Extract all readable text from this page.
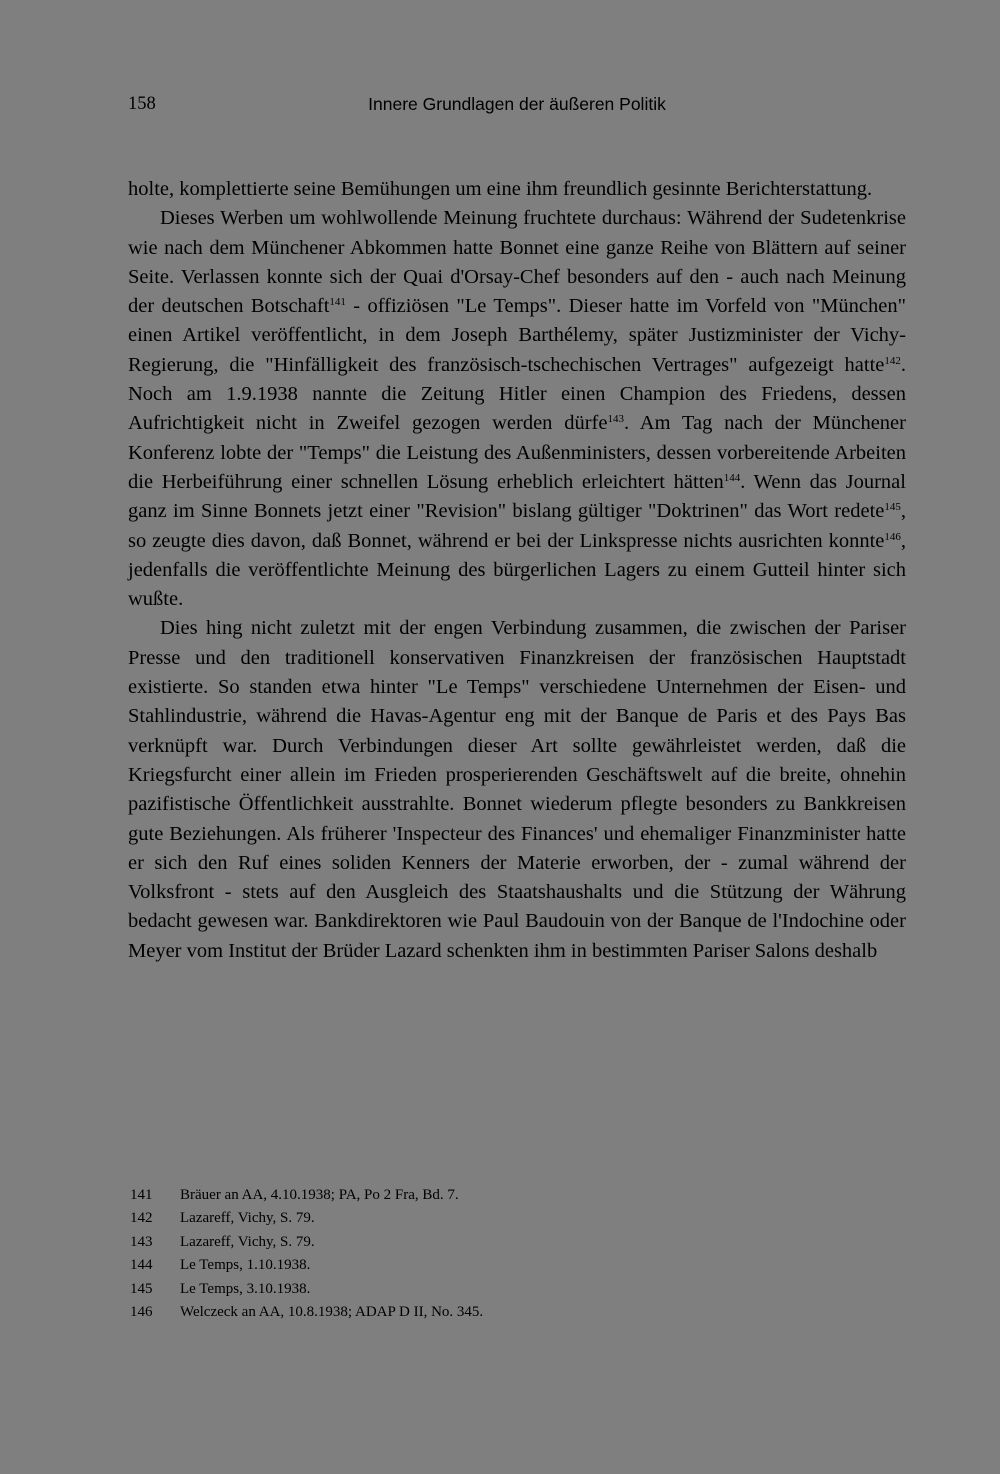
158	Innere Grundlagen der äußeren Politik

holte, komplettierte seine Bemühungen um eine ihm freundlich gesinnte Berichterstattung.

Dieses Werben um wohlwollende Meinung fruchtete durchaus: Während der Sudetenkrise wie nach dem Münchener Abkommen hatte Bonnet eine ganze Reihe von Blättern auf seiner Seite. Verlassen konnte sich der Quai d'Orsay-Chef besonders auf den - auch nach Meinung der deutschen Botschaft$^{141}$ - offiziösen "Le Temps". Dieser hatte im Vorfeld von "München" einen Artikel veröffentlicht, in dem Joseph Barthélemy, später Justizminister der Vichy-Regierung, die "Hinfälligkeit des französisch-tschechischen Vertrages" aufgezeigt hatte$^{142}$. Noch am 1.9.1938 nannte die Zeitung Hitler einen Champion des Friedens, dessen Aufrichtigkeit nicht in Zweifel gezogen werden dürfe$^{143}$. Am Tag nach der Münchener Konferenz lobte der "Temps" die Leistung des Außenministers, dessen vorbereitende Arbeiten die Herbeiführung einer schnellen Lösung erheblich erleichtert hätten$^{144}$. Wenn das Journal ganz im Sinne Bonnets jetzt einer "Revision" bislang gültiger "Doktrinen" das Wort redete$^{145}$, so zeugte dies davon, daß Bonnet, während er bei der Linkspresse nichts ausrichten konnte$^{146}$, jedenfalls die veröffentlichte Meinung des bürgerlichen Lagers zu einem Gutteil hinter sich wußte.

Dies hing nicht zuletzt mit der engen Verbindung zusammen, die zwischen der Pariser Presse und den traditionell konservativen Finanzkreisen der französischen Hauptstadt existierte. So standen etwa hinter "Le Temps" verschiedene Unternehmen der Eisen- und Stahlindustrie, während die Havas-Agentur eng mit der Banque de Paris et des Pays Bas verknüpft war. Durch Verbindungen dieser Art sollte gewährleistet werden, daß die Kriegsfurcht einer allein im Frieden prosperierenden Geschäftswelt auf die breite, ohnehin pazifistische Öffentlichkeit ausstrahlte. Bonnet wiederum pflegte besonders zu Bankkreisen gute Beziehungen. Als früherer 'Inspecteur des Finances' und ehemaliger Finanzminister hatte er sich den Ruf eines soliden Kenners der Materie erworben, der - zumal während der Volksfront - stets auf den Ausgleich des Staatshaushalts und die Stützung der Währung bedacht gewesen war. Bankdirektoren wie Paul Baudouin von der Banque de l'Indochine oder Meyer vom Institut der Brüder Lazard schenkten ihm in bestimmten Pariser Salons deshalb

141 Bräuer an AA, 4.10.1938; PA, Po 2 Fra, Bd. 7.
142 Lazareff, Vichy, S. 79.
143 Lazareff, Vichy, S. 79.
144 Le Temps, 1.10.1938.
145 Le Temps, 3.10.1938.
146 Welczeck an AA, 10.8.1938; ADAP D II, No. 345.
